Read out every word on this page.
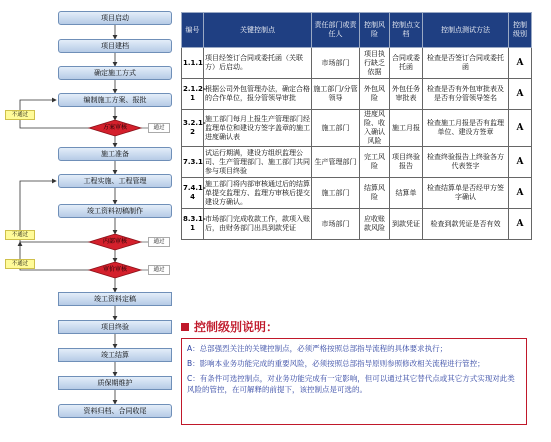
项目启动
项目建档
确定施工方式
编制施工方案、报批
施工准备
工程实施、工程管理
竣工资料初稿制作
竣工资料定稿
项目终验
竣工结算
质保期维护
资料归档、合同收尾
方案审核
内部审核
审价审核
不通过
不通过
不通过
通过
通过
通过
编号	关键控制点	责任部门或责任人	控制风险	控制点文档	控制点测试方法	控制级别
1.1.1	项目经签订合同或委托函（关联方）后启动。	市场部门	项目执行缺乏依据	合同或委托函	检查是否签订合同或委托函	A
2.1.2-1	根据公司外包管理办法，确定合格的合作单位，报分管领导审批	施工部门/分管领导	外包风险	外包任务审批表	检查是否有外包审批表及是否有分管领导签名	A
3.2.1-2	施工部门每月上报生产管理部门经监理单位和建设方签字盖章的施工进度确认表	施工部门	进度风险、收入确认风险	施工月报	检查施工月报是否有监理单位、建设方签章	A
7.3.1	试运行期满，建设方组织监理公司、生产管理部门、施工部门共同参与项目终验	生产管理部门	完工风险	项目终验报告	检查终验报告上终验各方代表签字	A
7.4.1-4	施工部门将内部审核通过后的结算单提交监理方、监理方审核后提交建设方确认。	施工部门	结算风险	结算单	检查结算单是否经甲方签字确认	A
8.3.1-1	市场部门完成收款工作，款项入账后，由财务部门出具到款凭证	市场部门	应收账款风险	到款凭证	检查到款凭证是否有效	A
控制级别说明：
A：总部强烈关注的关键控制点，必须严格按照总部指导流程的具体要求执行；
B：影响本业务功能完成的重要风险，必须按照总部指导原则参照修改相关流程进行管控；
C：有条件可选控制点，对业务功能完成有一定影响，但可以通过其它替代点或其它方式实现对此类风险的管控，在可解释的前提下，该控制点是可选的。
